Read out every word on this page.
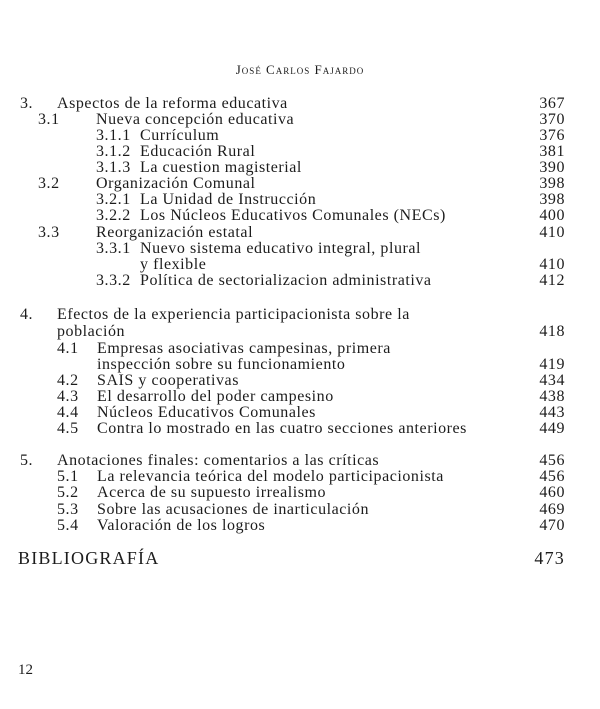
José Carlos Fajardo
3. Aspectos de la reforma educativa	367
3.1 Nueva concepción educativa	370
3.1.1 Currículum	376
3.1.2 Educación Rural	381
3.1.3 La cuestion magisterial	390
3.2 Organización Comunal	398
3.2.1 La Unidad de Instrucción	398
3.2.2 Los Núcleos Educativos Comunales (NECs)	400
3.3 Reorganización estatal	410
3.3.1 Nuevo sistema educativo integral, plural
y flexible	410
3.3.2 Política de sectorializacion administrativa	412
4. Efectos de la experiencia participacionista sobre la
población	418
4.1 Empresas asociativas campesinas, primera
inspección sobre su funcionamiento	419
4.2 SAIS y cooperativas	434
4.3 El desarrollo del poder campesino	438
4.4 Núcleos Educativos Comunales	443
4.5 Contra lo mostrado en las cuatro secciones anteriores	449
5. Anotaciones finales: comentarios a las críticas	456
5.1 La relevancia teórica del modelo participacionista	456
5.2 Acerca de su supuesto irrealismo	460
5.3 Sobre las acusaciones de inarticulación	469
5.4 Valoración de los logros	470
BIBLIOGRAFÍA	473
12
